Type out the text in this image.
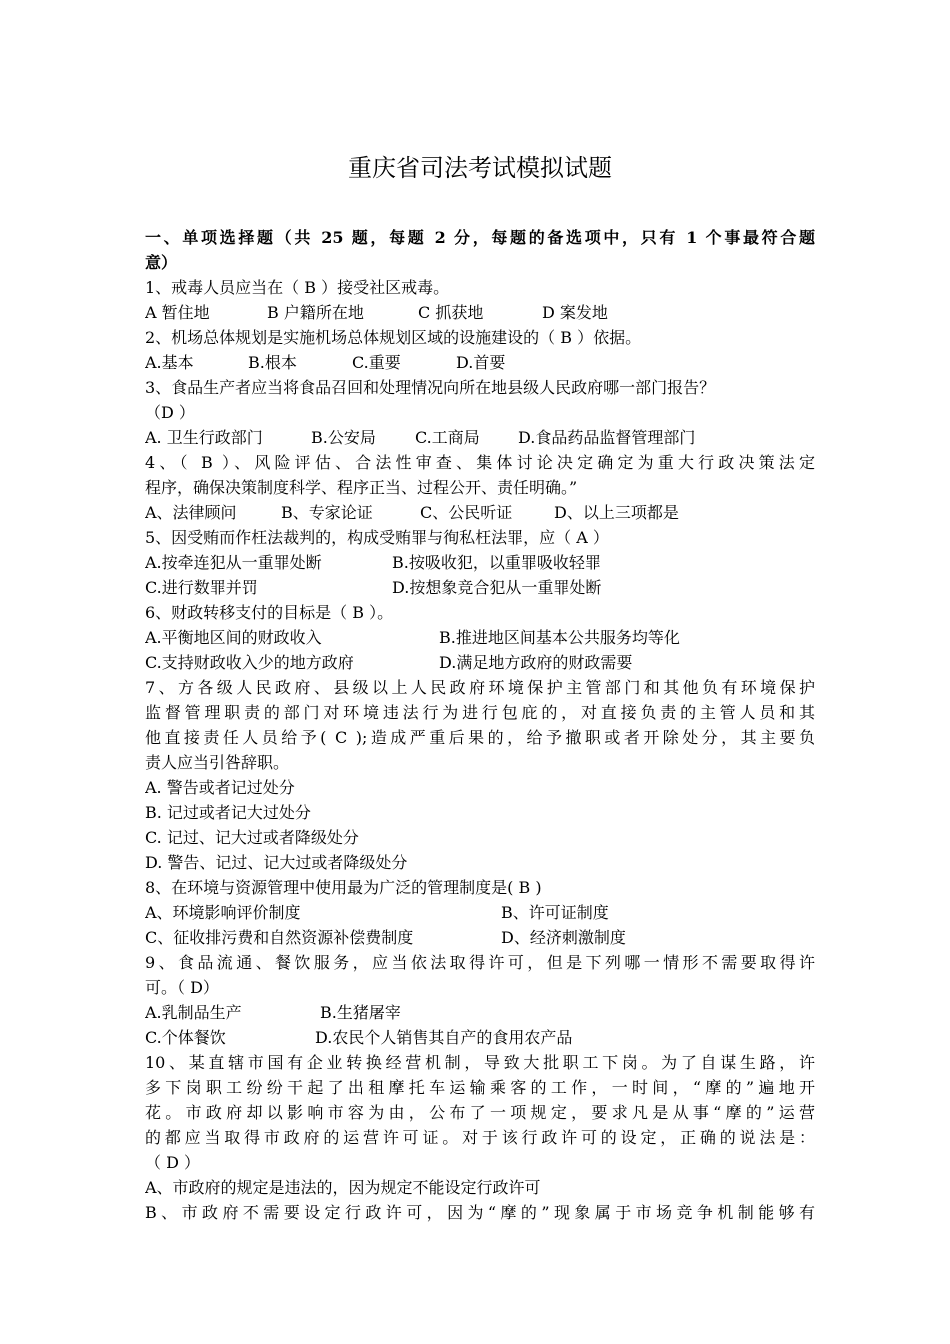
重庆省司法考试模拟试题
一、单项选择题（共 25 题，每题 2 分，每题的备选项中，只有 1 个事最符合题
意）
1、戒毒人员应当在（ B ）接受社区戒毒。
A 暂住地	B 户籍所在地	C 抓获地	D 案发地
2、机场总体规划是实施机场总体规划区域的设施建设的（ B ）依据。
A.基本	B.根本	C.重要	D.首要
3、食品生产者应当将食品召回和处理情况向所在地县级人民政府哪一部门报告？
（D ）
A. 卫生行政部门	B.公安局 C.工商局 D.食品药品监督管理部门
4、（ B ）、风险评估、合法性审查、集体讨论决定确定为重大行政决策法定
程序，确保决策制度科学、程序正当、过程公开、责任明确。”
A、法律顾问	B、专家论证	C、公民听证	D、以上三项都是
5、因受贿而作枉法裁判的，构成受贿罪与徇私枉法罪，应（ A ）
A.按牵连犯从一重罪处断	B.按吸收犯，以重罪吸收轻罪
C.进行数罪并罚	D.按想象竞合犯从一重罪处断
6、财政转移支付的目标是（ B ）。
A.平衡地区间的财政收入	B.推进地区间基本公共服务均等化
C.支持财政收入少的地方政府	D.满足地方政府的财政需要
7、方各级人民政府、县级以上人民政府环境保护主管部门和其他负有环境保护
监督管理职责的部门对环境违法行为进行包庇的，对直接负责的主管人员和其
他直接责任人员给予( C );造成严重后果的，给予撤职或者开除处分，其主要负
责人应当引咎辞职。
A. 警告或者记过处分
B. 记过或者记大过处分
C. 记过、记大过或者降级处分
D. 警告、记过、记大过或者降级处分
8、在环境与资源管理中使用最为广泛的管理制度是( B )
A、环境影响评价制度	B、许可证制度
C、征收排污费和自然资源补偿费制度	D、经济刺激制度
9、食品流通、餐饮服务，应当依法取得许可，但是下列哪一情形不需要取得许
可。（ D）
A.乳制品生产	B.生猪屠宰
C.个体餐饮	D.农民个人销售其自产的食用农产品
10、某直辖市国有企业转换经营机制，导致大批职工下岗。为了自谋生路，许
多下岗职工纷纷干起了出租摩托车运输乘客的工作，一时间，“摩的”遍地开
花。市政府却以影响市容为由，公布了一项规定，要求凡是从事“摩的”运营
的都应当取得市政府的运营许可证。对于该行政许可的设定，正确的说法是：
（ D ）
A、市政府的规定是违法的，因为规定不能设定行政许可
B、市政府不需要设定行政许可，因为“摩的”现象属于市场竞争机制能够有
